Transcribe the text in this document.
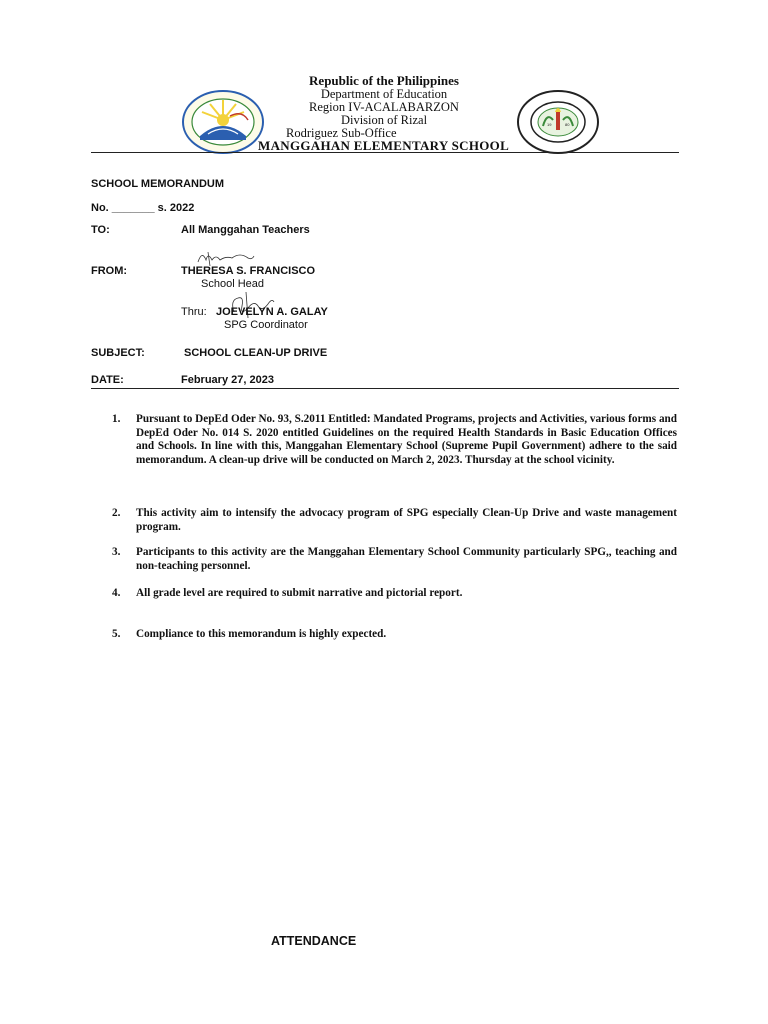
19	80
Republic of the Philippines
Department of Education
Region IV-ACALABARZON
Division of Rizal
Rodriguez Sub-Office
MANGGAHAN ELEMENTARY SCHOOL
SCHOOL MEMORANDUM
No. _______ s. 2022
TO:	All Manggahan Teachers
FROM:	THERESA S. FRANCISCO
School Head
Thru: JOEVELYN A. GALAY
SPG Coordinator
SUBJECT:	SCHOOL CLEAN-UP DRIVE
DATE:	February 27, 2023
1.	Pursuant to DepEd Oder No. 93, S.2011 Entitled: Mandated Programs, projects and Activities, various forms and DepEd Oder No. 014 S. 2020 entitled Guidelines on the required Health Standards in Basic Education Offices and Schools. In line with this, Manggahan Elementary School (Supreme Pupil Government) adhere to the said memorandum. A clean-up drive will be conducted on March 2, 2023. Thursday at the school vicinity.
2.	This activity aim to intensify the advocacy program of SPG especially Clean-Up Drive and waste management program.
3.	Participants to this activity are the Manggahan Elementary School Community particularly SPG,, teaching and non-teaching personnel.
4.	All grade level are required to submit narrative and pictorial report.
5.	Compliance to this memorandum is highly expected.
ATTENDANCE
